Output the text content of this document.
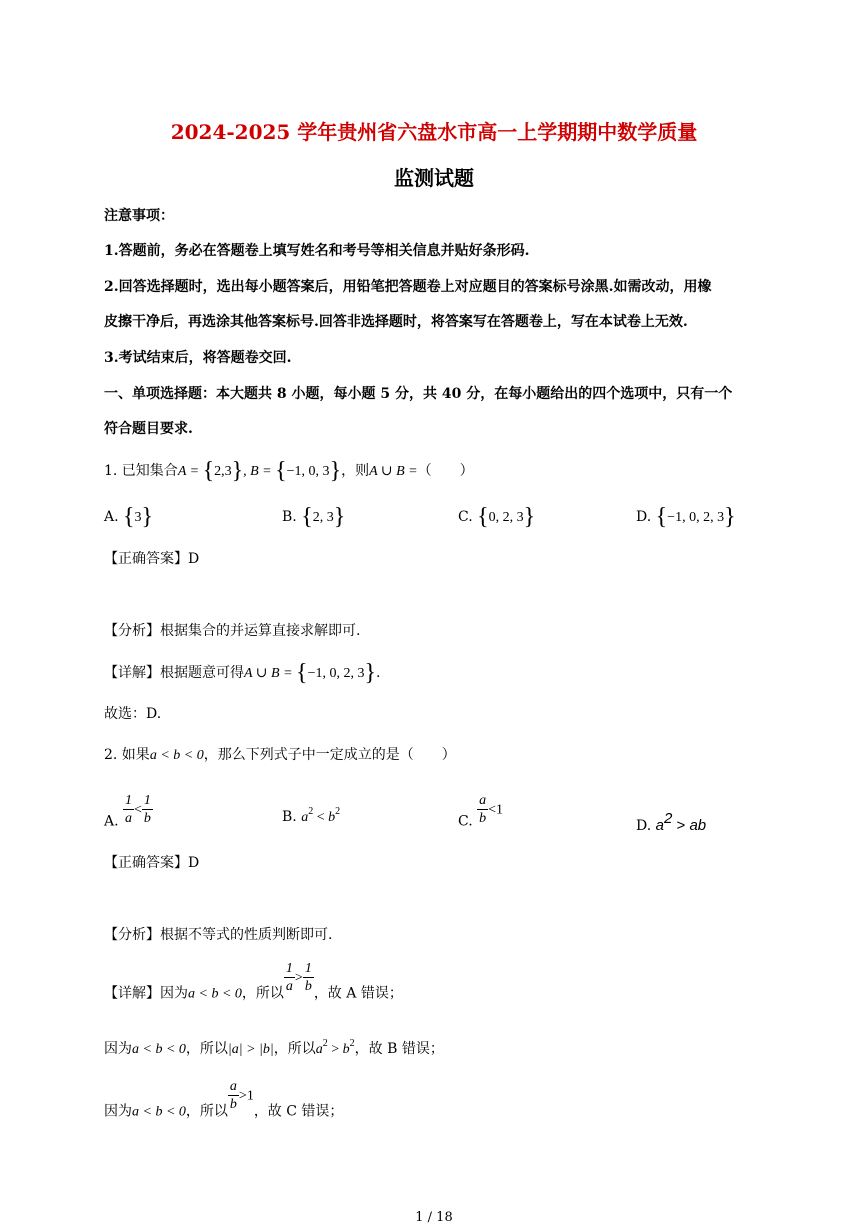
2024-2025 学年贵州省六盘水市高一上学期期中数学质量
监测试题
注意事项：
1.答题前，务必在答题卷上填写姓名和考号等相关信息并贴好条形码.
2.回答选择题时，选出每小题答案后，用铅笔把答题卷上对应题目的答案标号涂黑.如需改动，用橡
皮擦干净后，再选涂其他答案标号.回答非选择题时，将答案写在答题卷上，写在本试卷上无效.
3.考试结束后，将答题卷交回.
一、单项选择题：本大题共 8 小题，每小题 5 分，共 40 分，在每小题给出的四个选项中，只有一个
符合题目要求.
1. 已知集合A = {2,3}, B = {−1, 0, 3}，则A ∪ B =（　　）
A. {3}	B. {2, 3}	C. {0, 2, 3}	D. {−1, 0, 2, 3}
【正确答案】D
【分析】根据集合的并运算直接求解即可.
【详解】根据题意可得A ∪ B = {−1, 0, 2, 3}.
故选：D.
2. 如果a < b < 0，那么下列式子中一定成立的是（　　）
A. $\frac{1}{a} < \frac{1}{b}$	B. $a^2 < b^2$
C. $\frac{a}{b} <1$
D. a2 > ab
【正确答案】D
【分析】根据不等式的性质判断即可.
【详解】因为a < b < 0，所以 $\frac{1}{a} > \frac{1}{b}$ ，故 A 错误；
因为a < b < 0，所以|a| > |b|，所以$a^2 > b^2$，故 B 错误；
因为a < b < 0，所以 $\frac{a}{b} >1$，故 C 错误；
1 / 18
